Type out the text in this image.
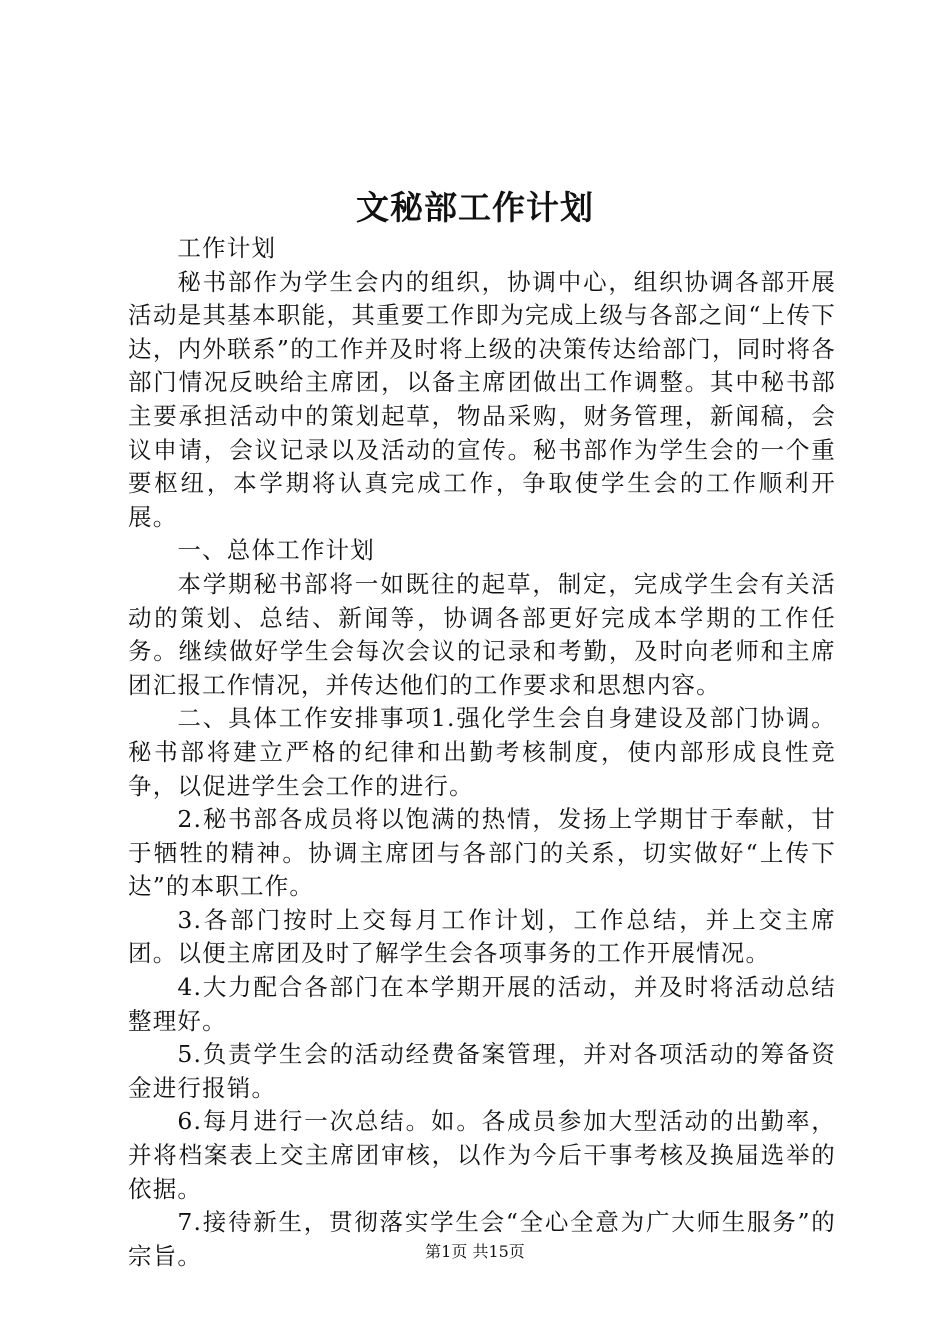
文秘部工作计划

工作计划

秘书部作为学生会内的组织，协调中心，组织协调各部开展活动是其基本职能，其重要工作即为完成上级与各部之间“上传下达，内外联系”的工作并及时将上级的决策传达给部门，同时将各部门情况反映给主席团，以备主席团做出工作调整。其中秘书部主要承担活动中的策划起草，物品采购，财务管理，新闻稿，会议申请，会议记录以及活动的宣传。秘书部作为学生会的一个重要枢纽，本学期将认真完成工作，争取使学生会的工作顺利开展。

一、总体工作计划

本学期秘书部将一如既往的起草，制定，完成学生会有关活动的策划、总结、新闻等，协调各部更好完成本学期的工作任务。继续做好学生会每次会议的记录和考勤，及时向老师和主席团汇报工作情况，并传达他们的工作要求和思想内容。

二、具体工作安排事项1.强化学生会自身建设及部门协调。秘书部将建立严格的纪律和出勤考核制度，使内部形成良性竞争，以促进学生会工作的进行。

2.秘书部各成员将以饱满的热情，发扬上学期甘于奉献，甘于牺牲的精神。协调主席团与各部门的关系，切实做好“上传下达”的本职工作。

3.各部门按时上交每月工作计划，工作总结，并上交主席团。以便主席团及时了解学生会各项事务的工作开展情况。

4.大力配合各部门在本学期开展的活动，并及时将活动总结整理好。

5.负责学生会的活动经费备案管理，并对各项活动的筹备资金进行报销。

6.每月进行一次总结。如。各成员参加大型活动的出勤率，并将档案表上交主席团审核，以作为今后干事考核及换届选举的依据。

7.接待新生，贯彻落实学生会“全心全意为广大师生服务”的宗旨。	第1页 共15页
